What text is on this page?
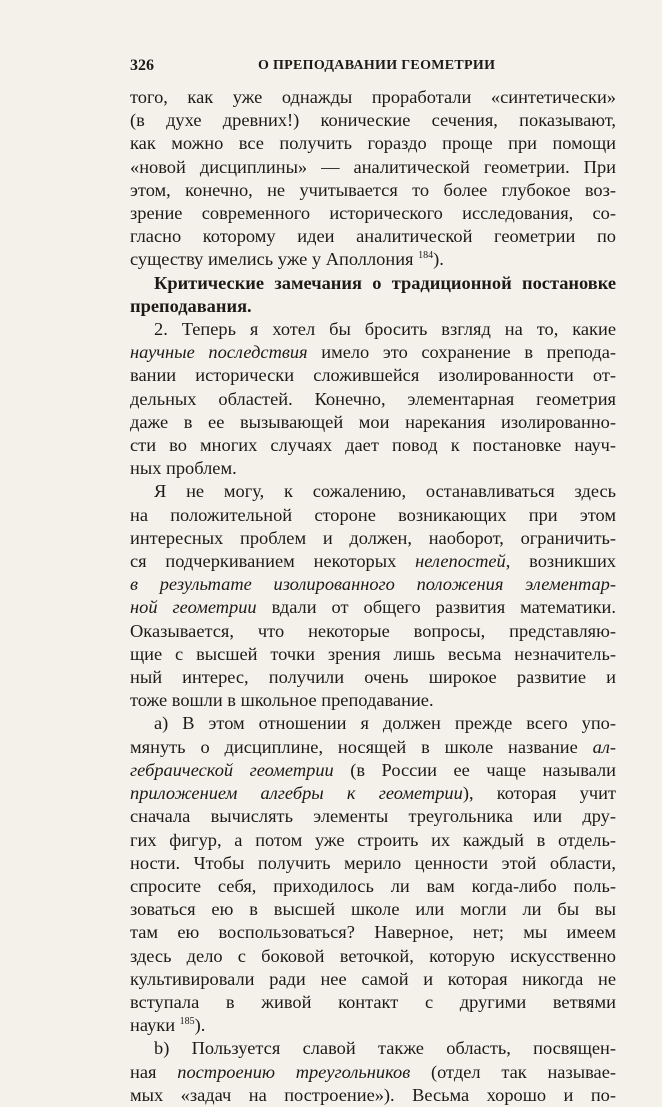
326	О ПРЕПОДАВАНИИ ГЕОМЕТРИИ
того, как уже однажды проработали «синтетически»
(в духе древних!) конические сечения, показывают,
как можно все получить гораздо проще при помощи
«новой дисциплины» — аналитической геометрии. При
этом, конечно, не учитывается то более глубокое воз-
зрение современного исторического исследования, со-
гласно которому идеи аналитической геометрии по
существу имелись уже у Аполлония $^{184}$).
Критические замечания о традиционной постановке
преподавания.
2. Теперь я хотел бы бросить взгляд на то, какие
научные последствия имело это сохранение в препода-
вании исторически сложившейся изолированности от-
дельных областей. Конечно, элементарная геометрия
даже в ее вызывающей мои нарекания изолированно-
сти во многих случаях дает повод к постановке науч-
ных проблем.
Я не могу, к сожалению, останавливаться здесь
на положительной стороне возникающих при этом
интересных проблем и должен, наоборот, ограничить-
ся подчеркиванием некоторых нелепостей, возникших
в результате изолированного положения элементар-
ной геометрии вдали от общего развития математики.
Оказывается, что некоторые вопросы, представляю-
щие с высшей точки зрения лишь весьма незначитель-
ный интерес, получили очень широкое развитие и
тоже вошли в школьное преподавание.
а) В этом отношении я должен прежде всего упо-
мянуть о дисциплине, носящей в школе название ал-
гебраической геометрии (в России ее чаще называли
приложением алгебры к геометрии), которая учит
сначала вычислять элементы треугольника или дру-
гих фигур, а потом уже строить их каждый в отдель-
ности. Чтобы получить мерило ценности этой области,
спросите себя, приходилось ли вам когда-либо поль-
зоваться ею в высшей школе или могли ли бы вы
там ею воспользоваться? Наверное, нет; мы имеем
здесь дело с боковой веточкой, которую искусственно
культивировали ради нее самой и которая никогда не
вступала в живой контакт с другими ветвями
науки $^{185}$).
b) Пользуется славой также область, посвящен-
ная построению треугольников (отдел так называе-
мых «задач на построение»). Весьма хорошо и по-
